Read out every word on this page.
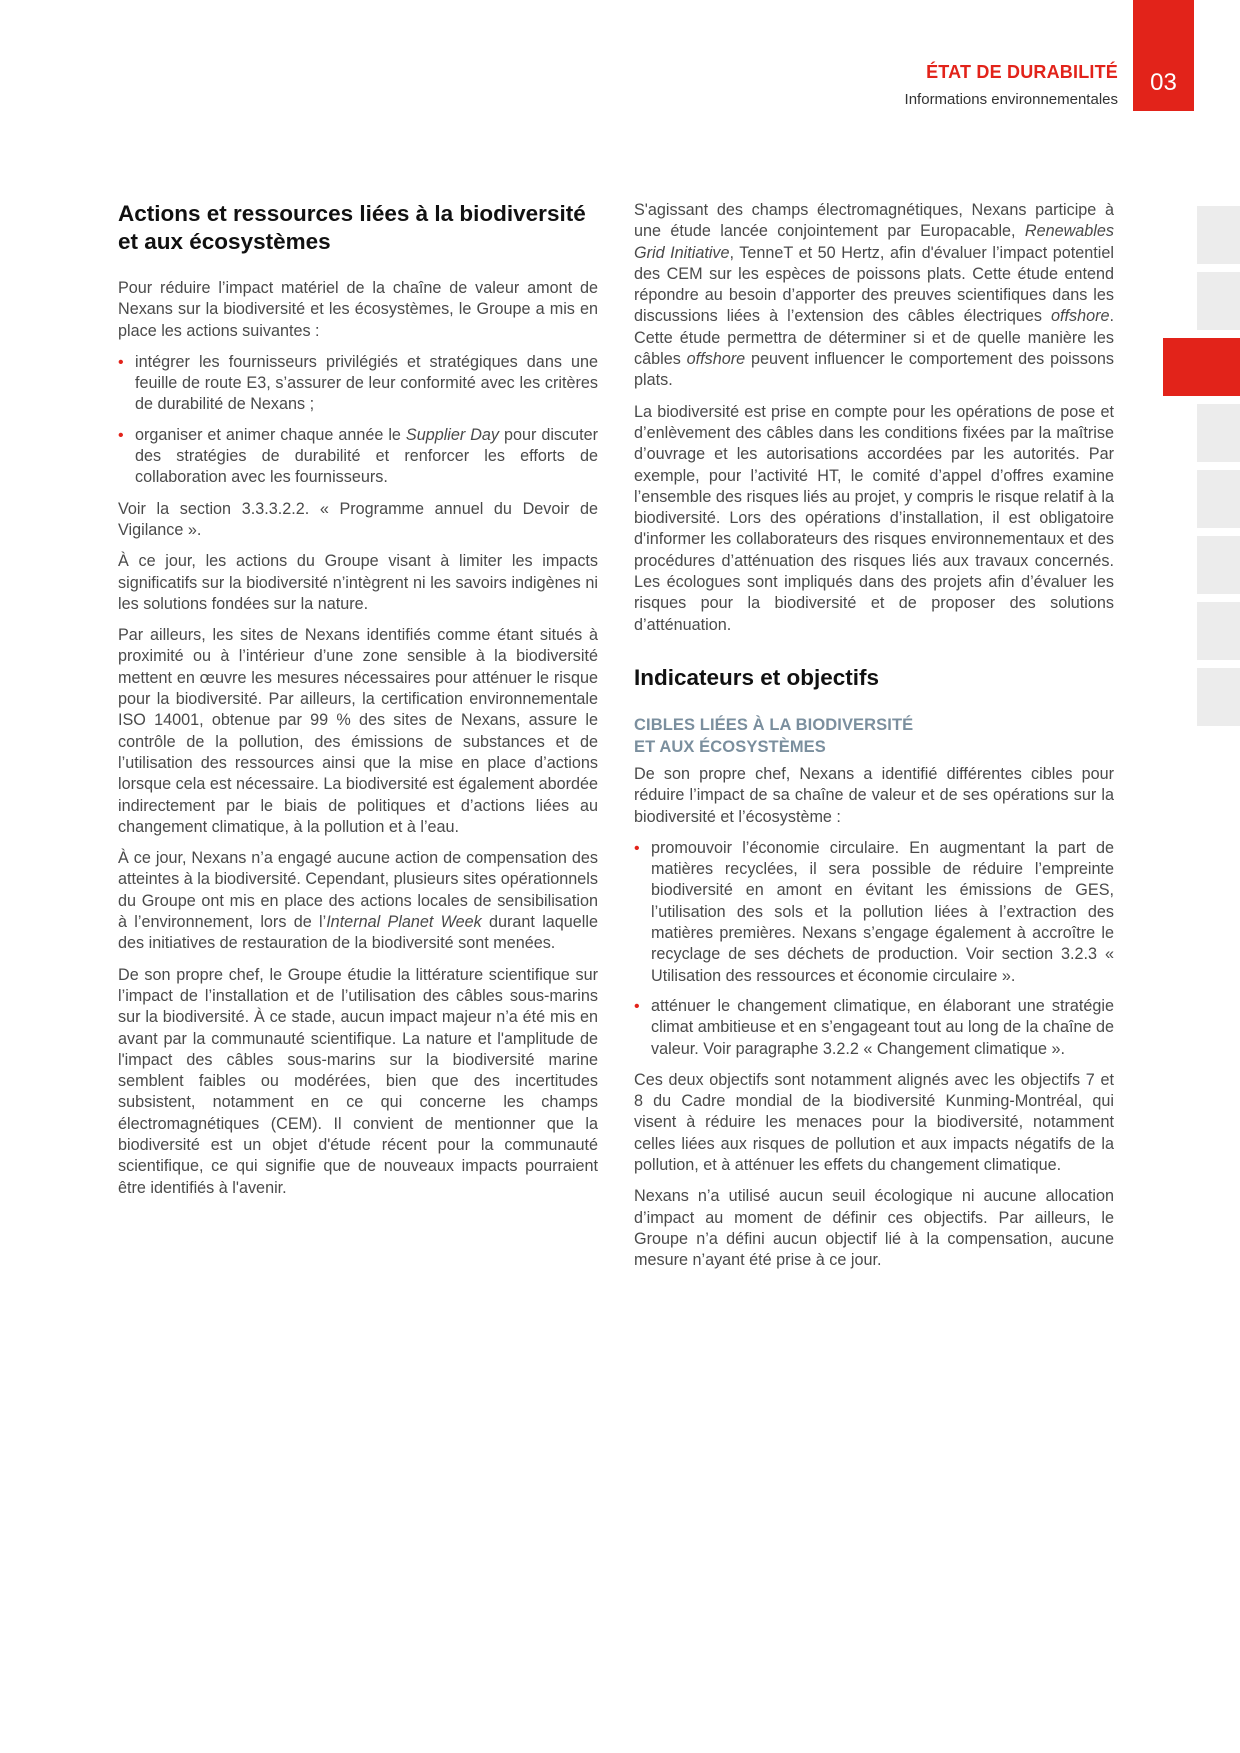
ÉTAT DE DURABILITÉ
Informations environnementales
03
Actions et ressources liées à la biodiversité et aux écosystèmes

Pour réduire l’impact matériel de la chaîne de valeur amont de Nexans sur la biodiversité et les écosystèmes, le Groupe a mis en place les actions suivantes :

• intégrer les fournisseurs privilégiés et stratégiques dans une feuille de route E3, s’assurer de leur conformité avec les critères de durabilité de Nexans ;
• organiser et animer chaque année le Supplier Day pour discuter des stratégies de durabilité et renforcer les efforts de collaboration avec les fournisseurs.

Voir la section 3.3.3.2.2. « Programme annuel du Devoir de Vigilance ».

À ce jour, les actions du Groupe visant à limiter les impacts significatifs sur la biodiversité n’intègrent ni les savoirs indigènes ni les solutions fondées sur la nature.

Par ailleurs, les sites de Nexans identifiés comme étant situés à proximité ou à l’intérieur d’une zone sensible à la biodiversité mettent en œuvre les mesures nécessaires pour atténuer le risque pour la biodiversité. Par ailleurs, la certification environnementale ISO 14001, obtenue par 99 % des sites de Nexans, assure le contrôle de la pollution, des émissions de substances et de l’utilisation des ressources ainsi que la mise en place d’actions lorsque cela est nécessaire. La biodiversité est également abordée indirectement par le biais de politiques et d’actions liées au changement climatique, à la pollution et à l’eau.

À ce jour, Nexans n’a engagé aucune action de compensation des atteintes à la biodiversité. Cependant, plusieurs sites opérationnels du Groupe ont mis en place des actions locales de sensibilisation à l’environnement, lors de l’Internal Planet Week durant laquelle des initiatives de restauration de la biodiversité sont menées.

De son propre chef, le Groupe étudie la littérature scientifique sur l’impact de l’installation et de l’utilisation des câbles sous-marins sur la biodiversité. À ce stade, aucun impact majeur n’a été mis en avant par la communauté scientifique. La nature et l'amplitude de l'impact des câbles sous-marins sur la biodiversité marine semblent faibles ou modérées, bien que des incertitudes subsistent, notamment en ce qui concerne les champs électromagnétiques (CEM). Il convient de mentionner que la biodiversité est un objet d'étude récent pour la communauté scientifique, ce qui signifie que de nouveaux impacts pourraient être identifiés à l'avenir.

S'agissant des champs électromagnétiques, Nexans participe à une étude lancée conjointement par Europacable, Renewables Grid Initiative, TenneT et 50 Hertz, afin d'évaluer l’impact potentiel des CEM sur les espèces de poissons plats. Cette étude entend répondre au besoin d’apporter des preuves scientifiques dans les discussions liées à l’extension des câbles électriques offshore. Cette étude permettra de déterminer si et de quelle manière les câbles offshore peuvent influencer le comportement des poissons plats.

La biodiversité est prise en compte pour les opérations de pose et d’enlèvement des câbles dans les conditions fixées par la maîtrise d’ouvrage et les autorisations accordées par les autorités. Par exemple, pour l’activité HT, le comité d’appel d’offres examine l’ensemble des risques liés au projet, y compris le risque relatif à la biodiversité. Lors des opérations d’installation, il est obligatoire d'informer les collaborateurs des risques environnementaux et des procédures d’atténuation des risques liés aux travaux concernés. Les écologues sont impliqués dans des projets afin d’évaluer les risques pour la biodiversité et de proposer des solutions d’atténuation.

Indicateurs et objectifs
CIBLES LIÉES À LA BIODIVERSITÉ
ET AUX ÉCOSYSTÈMES

De son propre chef, Nexans a identifié différentes cibles pour réduire l’impact de sa chaîne de valeur et de ses opérations sur la biodiversité et l’écosystème :

• promouvoir l’économie circulaire. En augmentant la part de matières recyclées, il sera possible de réduire l’empreinte biodiversité en amont en évitant les émissions de GES, l’utilisation des sols et la pollution liées à l’extraction des matières premières. Nexans s’engage également à accroître le recyclage de ses déchets de production. Voir section 3.2.3 « Utilisation des ressources et économie circulaire ».
• atténuer le changement climatique, en élaborant une stratégie climat ambitieuse et en s’engageant tout au long de la chaîne de valeur. Voir paragraphe 3.2.2 « Changement climatique ».

Ces deux objectifs sont notamment alignés avec les objectifs 7 et 8 du Cadre mondial de la biodiversité Kunming-Montréal, qui visent à réduire les menaces pour la biodiversité, notamment celles liées aux risques de pollution et aux impacts négatifs de la pollution, et à atténuer les effets du changement climatique.

Nexans n’a utilisé aucun seuil écologique ni aucune allocation d’impact au moment de définir ces objectifs. Par ailleurs, le Groupe n’a défini aucun objectif lié à la compensation, aucune mesure n’ayant été prise à ce jour.
